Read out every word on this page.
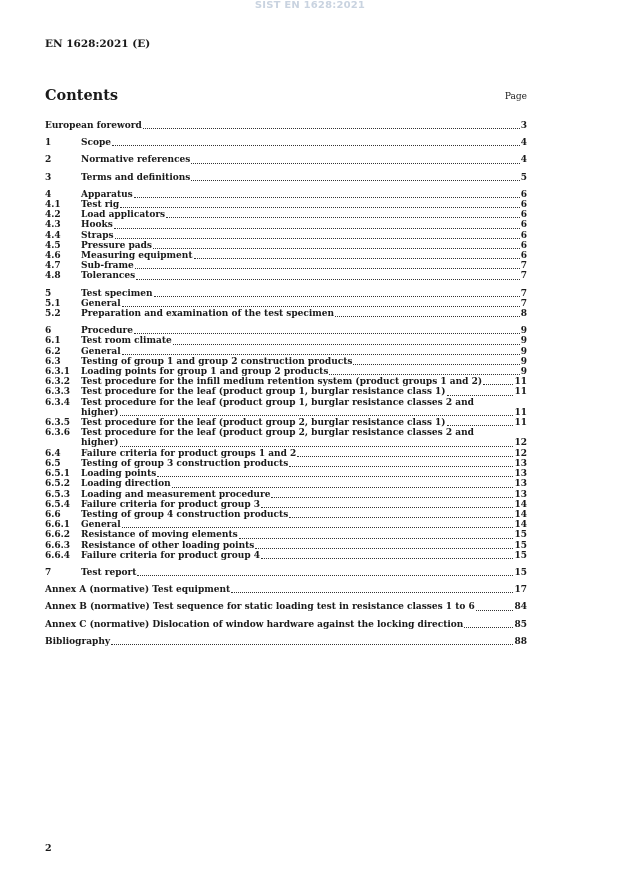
SIST EN 1628:2021
EN 1628:2021 (E)
Contents	Page
European foreword	3
1	Scope	4
2	Normative references	4
3	Terms and definitions	5
4	Apparatus	6
4.1	Test rig	6
4.2	Load applicators	6
4.3	Hooks	6
4.4	Straps	6
4.5	Pressure pads	6
4.6	Measuring equipment	6
4.7	Sub-frame	7
4.8	Tolerances	7
5	Test specimen	7
5.1	General	7
5.2	Preparation and examination of the test specimen	8
6	Procedure	9
6.1	Test room climate	9
6.2	General	9
6.3	Testing of group 1 and group 2 construction products	9
6.3.1	Loading points for group 1 and group 2 products	9
6.3.2	Test procedure for the infill medium retention system (product groups 1 and 2)	11
6.3.3	Test procedure for the leaf (product group 1, burglar resistance class 1)	11
6.3.4	Test procedure for the leaf (product group 1, burglar resistance classes 2 and
higher)	11
6.3.5	Test procedure for the leaf (product group 2, burglar resistance class 1)	11
6.3.6	Test procedure for the leaf (product group 2, burglar resistance classes 2 and
higher)	12
6.4	Failure criteria for product groups 1 and 2	12
6.5	Testing of group 3 construction products	13
6.5.1	Loading points	13
6.5.2	Loading direction	13
6.5.3	Loading and measurement procedure	13
6.5.4	Failure criteria for product group 3	14
6.6	Testing of group 4 construction products	14
6.6.1	General	14
6.6.2	Resistance of moving elements	15
6.6.3	Resistance of other loading points	15
6.6.4	Failure criteria for product group 4	15
7	Test report	15
Annex A (normative) Test equipment	17
Annex B (normative) Test sequence for static loading test in resistance classes 1 to 6	84
Annex C (normative) Dislocation of window hardware against the locking direction	85
Bibliography	88
2
